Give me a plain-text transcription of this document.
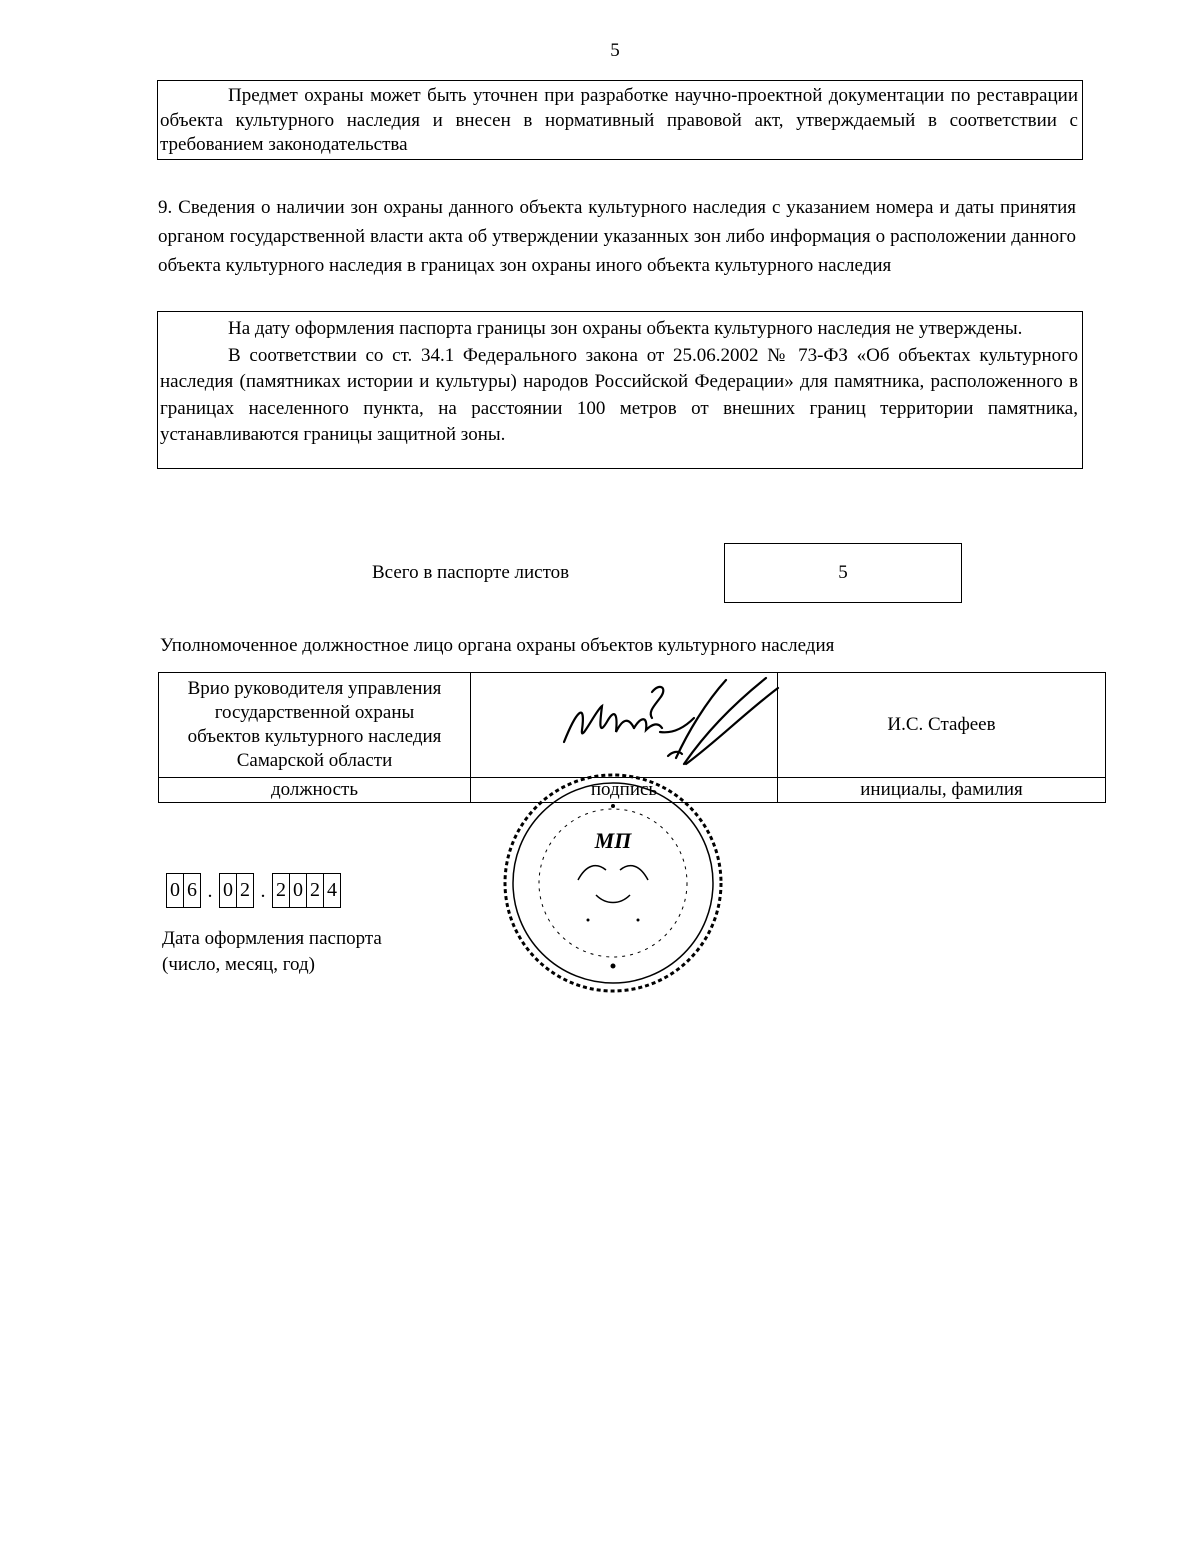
5

Предмет охраны может быть уточнен при разработке научно-проектной документации по реставрации объекта культурного наследия и внесен в нормативный правовой акт, утверждаемый в соответствии с требованием законодательства

9. Сведения о наличии зон охраны данного объекта культурного наследия с указанием номера и даты принятия органом государственной власти акта об утверждении указанных зон либо информация о расположении данного объекта культурного наследия в границах зон охраны иного объекта культурного наследия

На дату оформления паспорта границы зон охраны объекта культурного наследия не утверждены.

В соответствии со ст. 34.1 Федерального закона от 25.06.2002 № 73-ФЗ «Об объектах культурного наследия (памятниках истории и культуры) народов Российской Федерации» для памятника, расположенного в границах населенного пункта, на расстоянии 100 метров от внешних границ территории памятника, устанавливаются границы защитной зоны.

Всего в паспорте листов	5
Уполномоченное должностное лицо органа охраны объектов культурного наследия
Врио руководителя управления
государственной охраны
объектов культурного наследия
Самарской области		И.С. Стафеев
должность	подпись	инициалы, фамилия
МП
0 6 . 0 2 . 2 0 2 4
Дата оформления паспорта
(число, месяц, год)
